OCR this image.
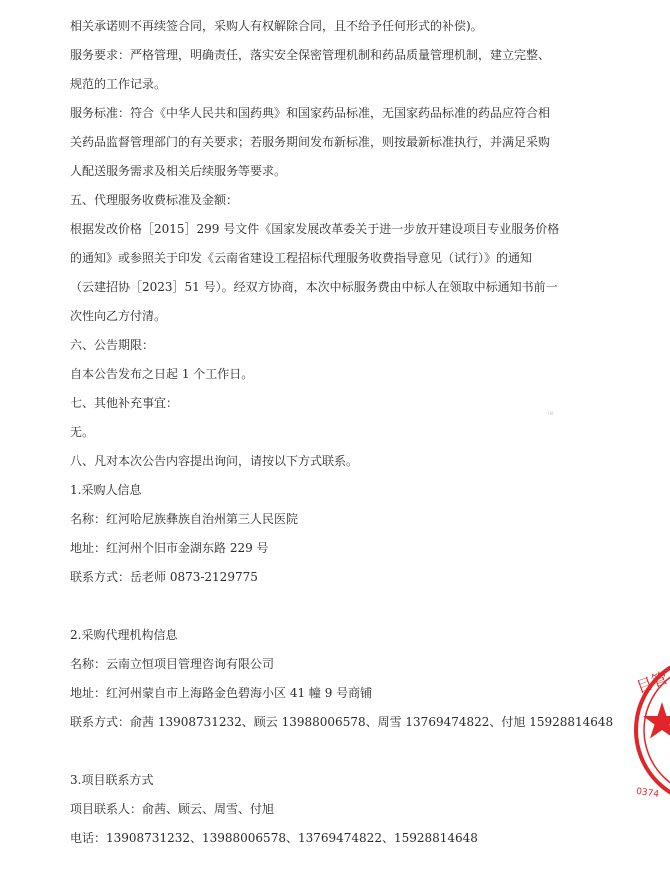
相关承诺则不再续签合同，采购人有权解除合同，且不给予任何形式的补偿)。
服务要求：严格管理，明确责任，落实安全保密管理机制和药品质量管理机制，建立完整、
规范的工作记录。
服务标准：符合《中华人民共和国药典》和国家药品标准，无国家药品标准的药品应符合相
关药品监督管理部门的有关要求；若服务期间发布新标准，则按最新标准执行，并满足采购
人配送服务需求及相关后续服务等要求。
五、代理服务收费标准及金额：
根据发改价格［2015］299 号文件《国家发展改革委关于进一步放开建设项目专业服务价格
的通知》或参照关于印发《云南省建设工程招标代理服务收费指导意见（试行）》的通知
（云建招协［2023］51 号）。经双方协商，本次中标服务费由中标人在领取中标通知书前一
次性向乙方付清。
六、公告期限：
自本公告发布之日起 1 个工作日。
七、其他补充事宜：
无。
八、凡对本次公告内容提出询问，请按以下方式联系。
1.采购人信息
名称：红河哈尼族彝族自治州第三人民医院
地址：红河州个旧市金湖东路 229 号
联系方式：岳老师 0873-2129775
2.采购代理机构信息
名称：云南立恒项目管理咨询有限公司
地址：红河州蒙自市上海路金色碧海小区 41 幢 9 号商铺
联系方式：俞茜 13908731232、顾云 13988006578、周雪 13769474822、付旭 15928814648
3.项目联系方式
项目联系人：俞茜、顾云、周雪、付旭
电话：13908731232、13988006578、13769474822、15928814648
ie
目管
0374
